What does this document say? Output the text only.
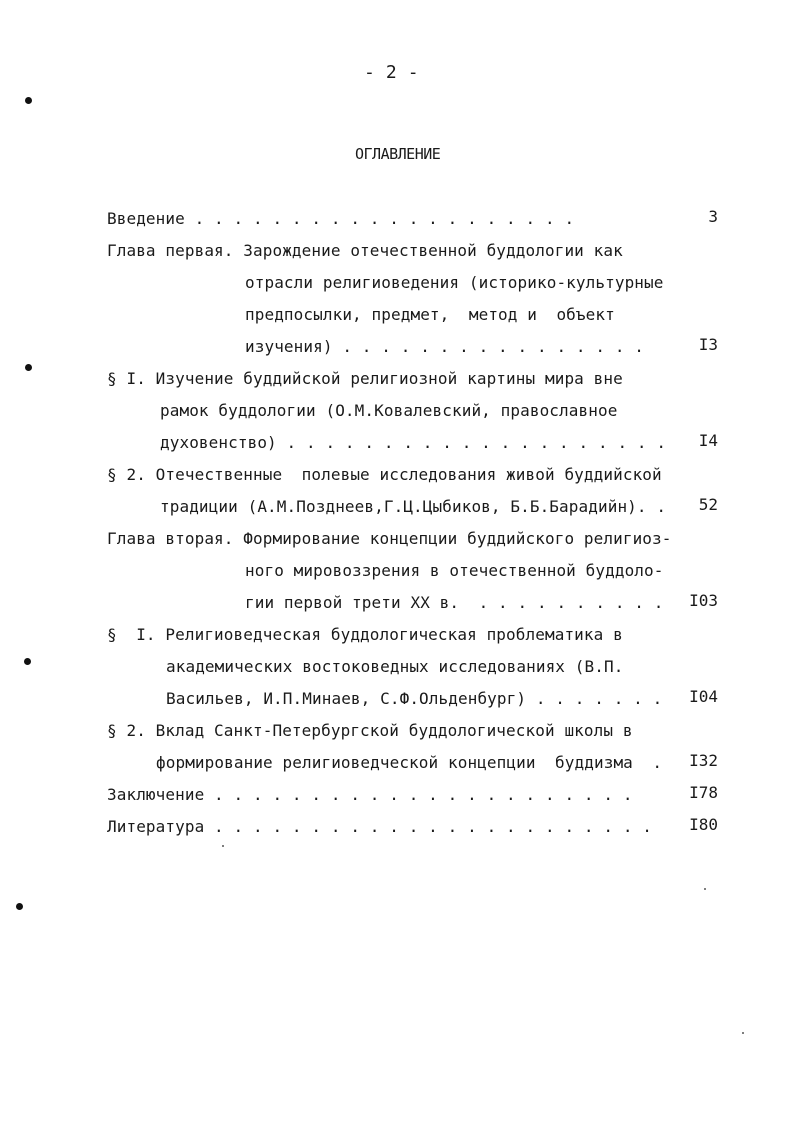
- 2 -
ОГЛАВЛЕНИЕ
Введение . . . . . . . . . . . . . . . . . . . .	3
Глава первая. Зарождение отечественной буддологии как
отрасли религиоведения (историко-культурные
предпосылки, предмет,  метод и  объект
изучения) . . . . . . . . . . . . . . . .	I3
§ I. Изучение буддийской религиозной картины мира вне
рамок буддологии (О.М.Ковалевский, православное
духовенство) . . . . . . . . . . . . . . . . . . . . I4
§ 2. Отечественные  полевые исследования живой буддийской
традиции (А.М.Позднеев,Г.Ц.Цыбиков, Б.Б.Барадийн). . 52
Глава вторая. Формирование концепции буддийского религиоз-
ного мировоззрения в отечественной буддоло-
гии первой трети XX в.  . . . . . . . . . .	I03
§  I. Религиоведческая буддологическая проблематика в
академических востоковедных исследованиях (В.П.
Васильев, И.П.Минаев, С.Ф.Ольденбург) . . . . . . .	I04
§ 2. Вклад Санкт-Петербургской буддологической школы в
формирование религиоведческой концепции  буддизма  . I32
Заключение . . . . . . . . . . . . . . . . . . . . . .	I78
Литература . . . . . . . . . . . . . . . . . . . . . . .	I80
